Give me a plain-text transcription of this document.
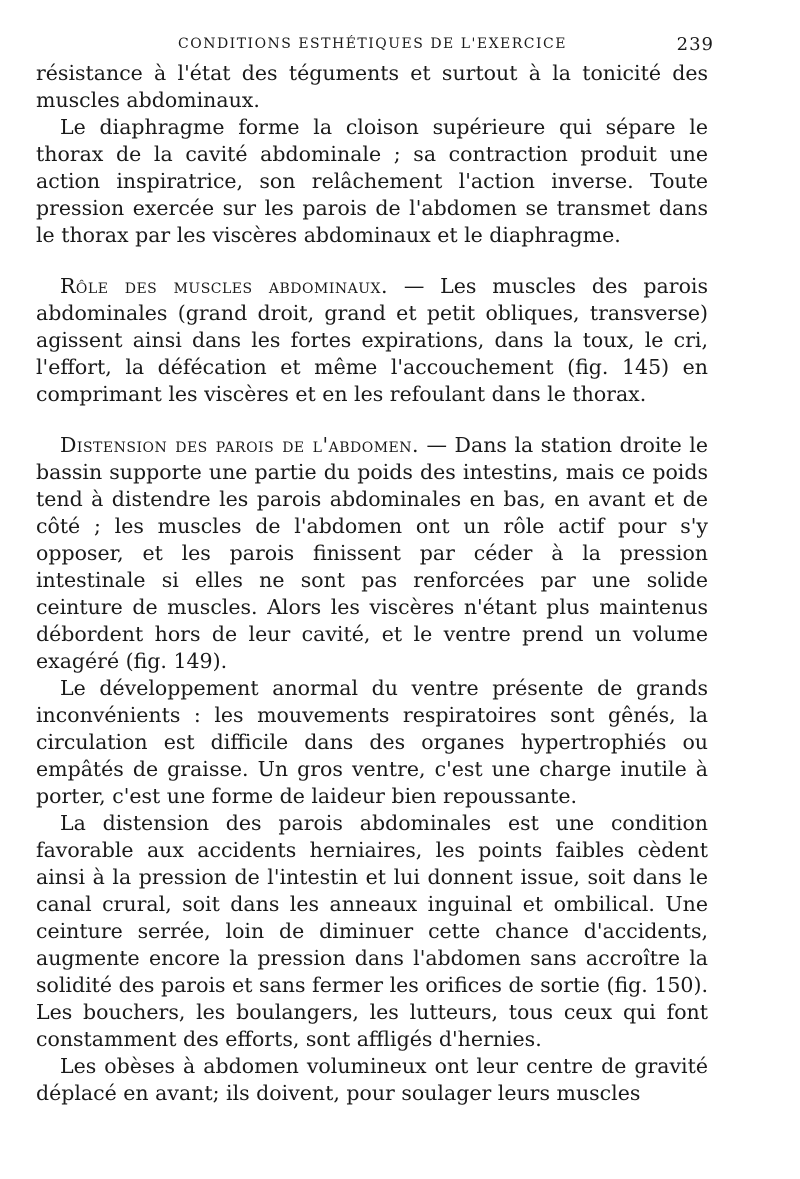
CONDITIONS ESTHÉTIQUES DE L'EXERCICE	239

résistance à l'état des téguments et surtout à la tonicité des muscles abdominaux.

Le diaphragme forme la cloison supérieure qui sépare le thorax de la cavité abdominale ; sa contraction produit une action inspiratrice, son relâchement l'action inverse. Toute pression exercée sur les parois de l'abdomen se transmet dans le thorax par les viscères abdominaux et le diaphragme.

Rôle des muscles abdominaux. — Les muscles des parois abdominales (grand droit, grand et petit obliques, transverse) agissent ainsi dans les fortes expirations, dans la toux, le cri, l'effort, la défécation et même l'accouchement (fig. 145) en comprimant les viscères et en les refoulant dans le thorax.

Distension des parois de l'abdomen. — Dans la station droite le bassin supporte une partie du poids des intestins, mais ce poids tend à distendre les parois abdominales en bas, en avant et de côté ; les muscles de l'abdomen ont un rôle actif pour s'y opposer, et les parois finissent par céder à la pression intestinale si elles ne sont pas renforcées par une solide ceinture de muscles. Alors les viscères n'étant plus maintenus débordent hors de leur cavité, et le ventre prend un volume exagéré (fig. 149).

Le développement anormal du ventre présente de grands inconvénients : les mouvements respiratoires sont gênés, la circulation est difficile dans des organes hypertrophiés ou empâtés de graisse. Un gros ventre, c'est une charge inutile à porter, c'est une forme de laideur bien repoussante.

La distension des parois abdominales est une condition favorable aux accidents herniaires, les points faibles cèdent ainsi à la pression de l'intestin et lui donnent issue, soit dans le canal crural, soit dans les anneaux inguinal et ombilical. Une ceinture serrée, loin de diminuer cette chance d'accidents, augmente encore la pression dans l'abdomen sans accroître la solidité des parois et sans fermer les orifices de sortie (fig. 150). Les bouchers, les boulangers, les lutteurs, tous ceux qui font constamment des efforts, sont affligés d'hernies.

Les obèses à abdomen volumineux ont leur centre de gravité déplacé en avant; ils doivent, pour soulager leurs muscles
